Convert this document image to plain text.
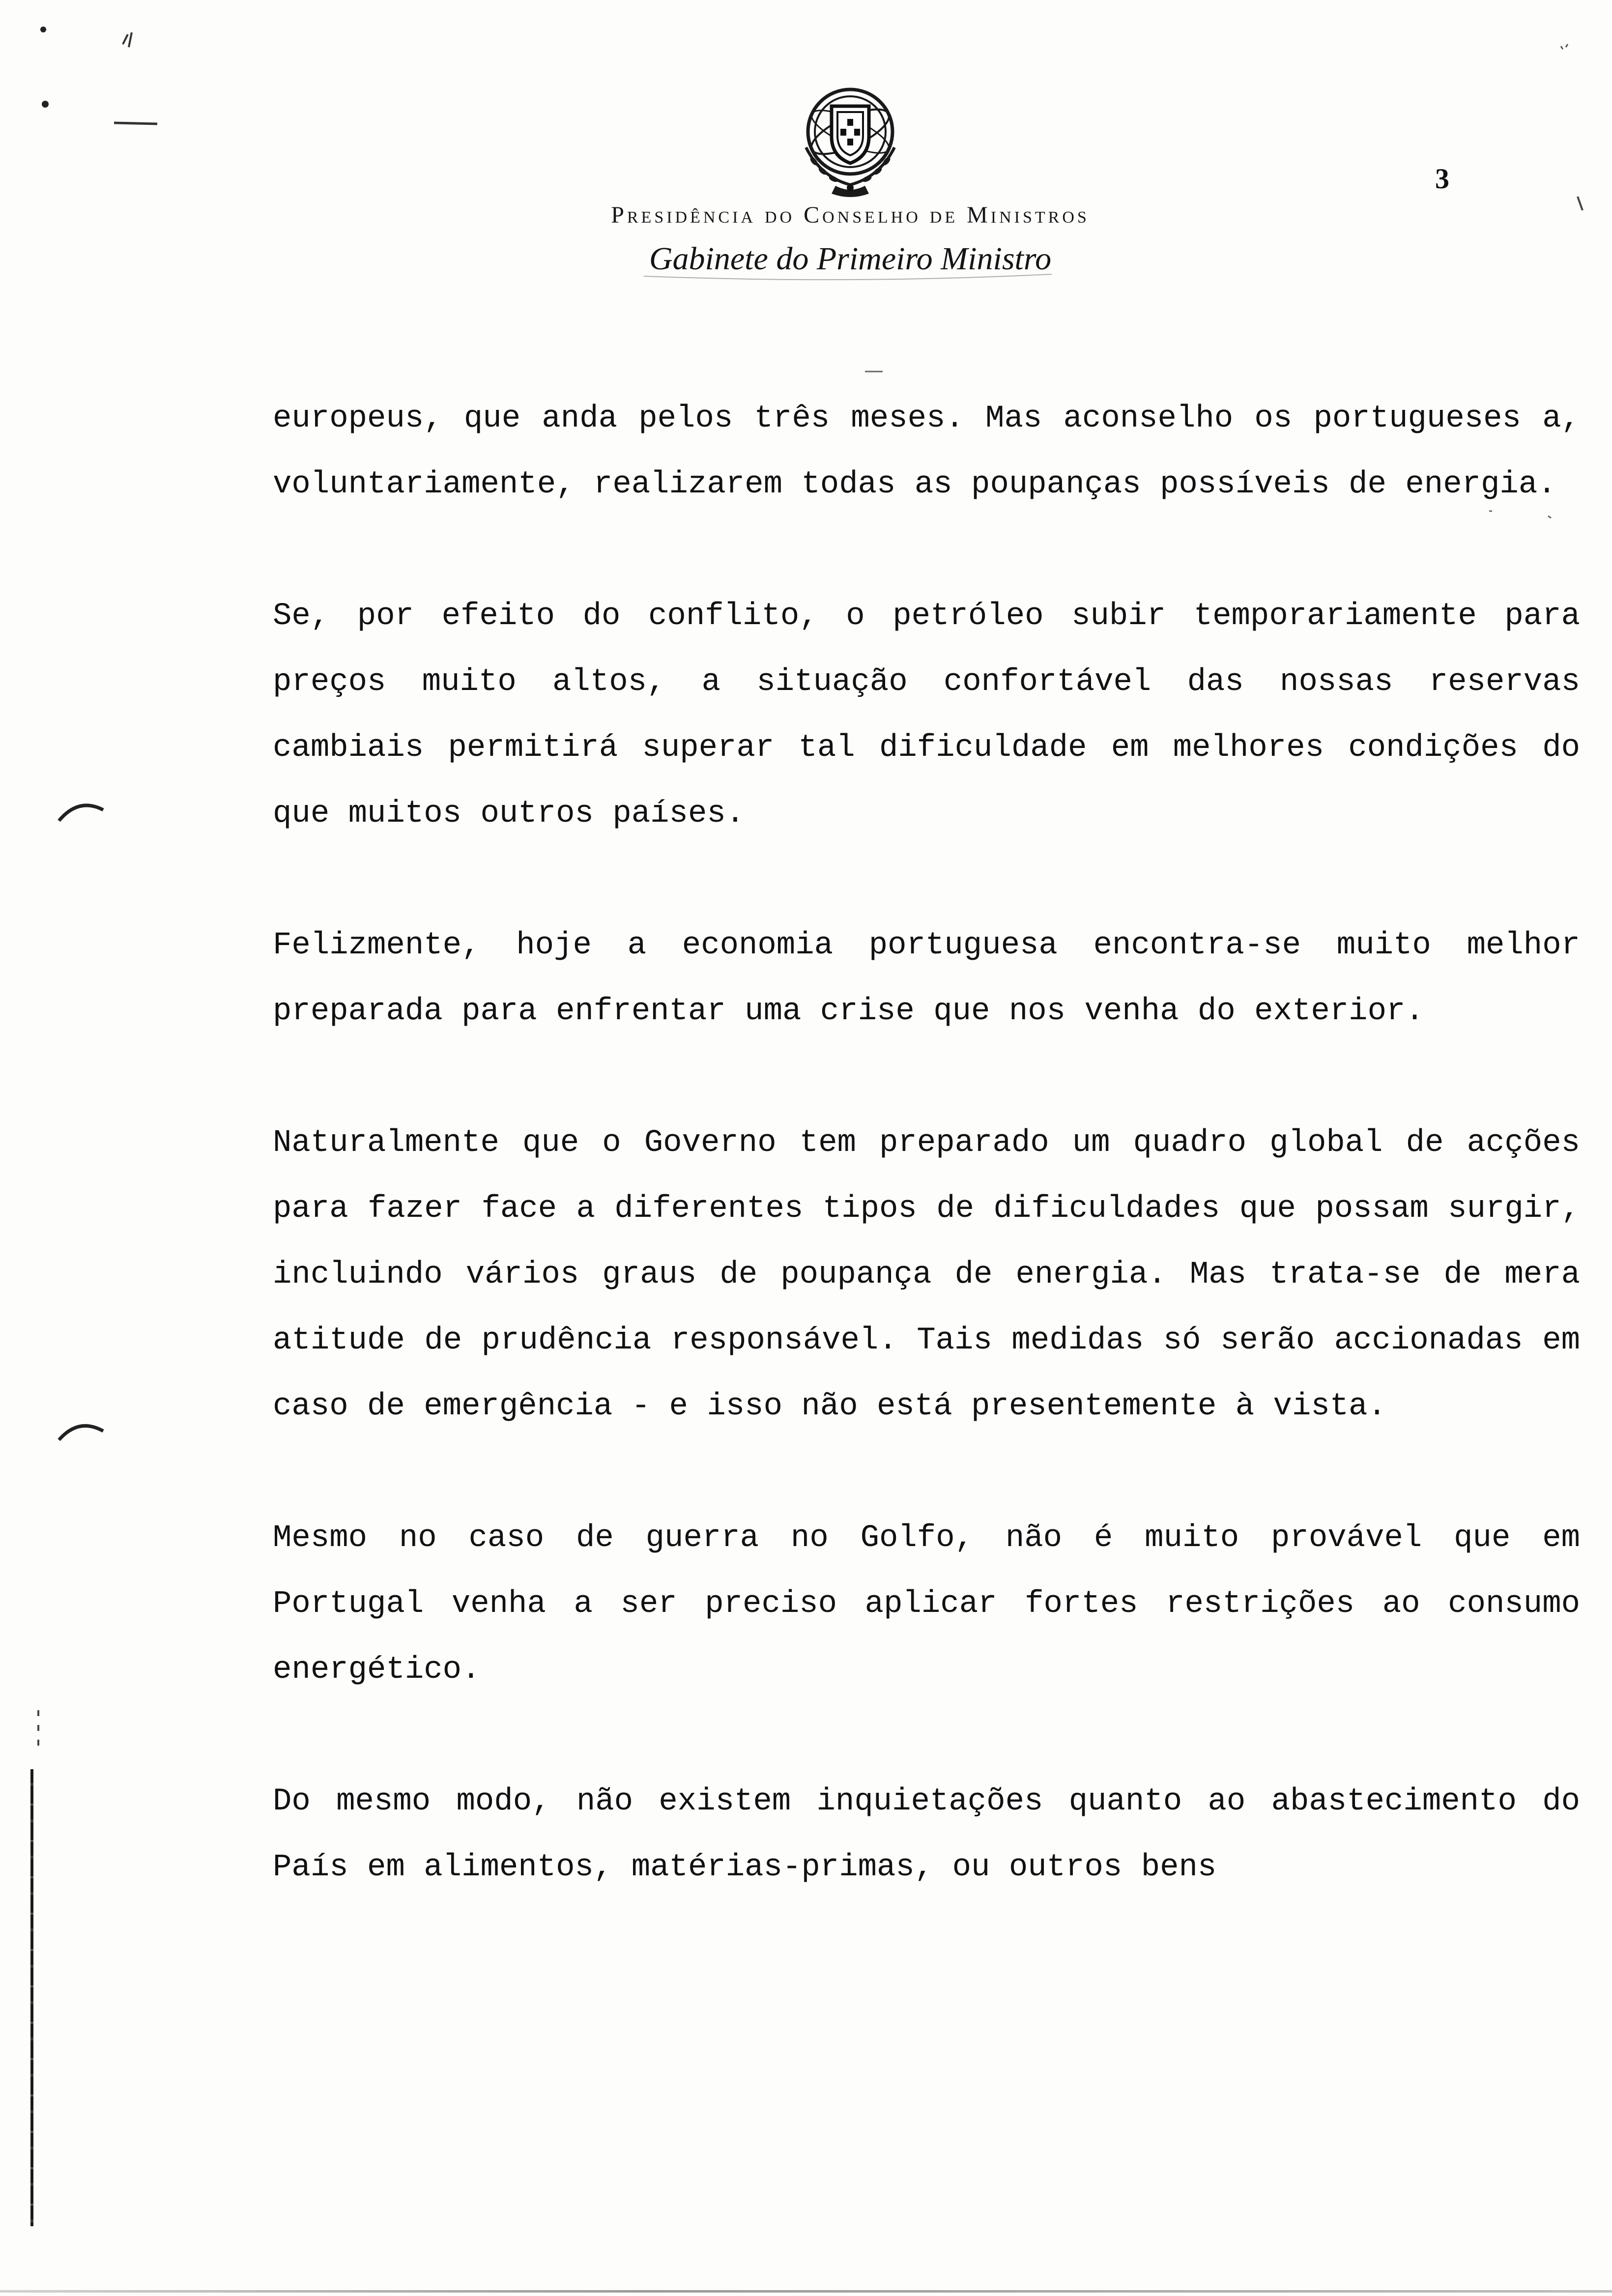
Presidência do Conselho de Ministros
Gabinete do Primeiro Ministro
3

europeus, que anda pelos três meses. Mas aconselho os portugueses a, voluntariamente, realizarem todas as poupanças possíveis de energia.

Se, por efeito do conflito, o petróleo subir temporariamente para preços muito altos, a situação confortável das nossas reservas cambiais permitirá superar tal dificuldade em melhores condições do que muitos outros países.

Felizmente, hoje a economia portuguesa encontra-se muito melhor preparada para enfrentar uma crise que nos venha do exterior.

Naturalmente que o Governo tem preparado um quadro global de acções para fazer face a diferentes tipos de dificuldades que possam surgir, incluindo vários graus de poupança de energia. Mas trata-se de mera atitude de prudência responsável. Tais medidas só serão accionadas em caso de emergência - e isso não está presentemente à vista.

Mesmo no caso de guerra no Golfo, não é muito provável que em Portugal venha a ser preciso aplicar fortes restrições ao consumo energético.

Do mesmo modo, não existem inquietações quanto ao abastecimento do País em alimentos, matérias-primas, ou outros bens
